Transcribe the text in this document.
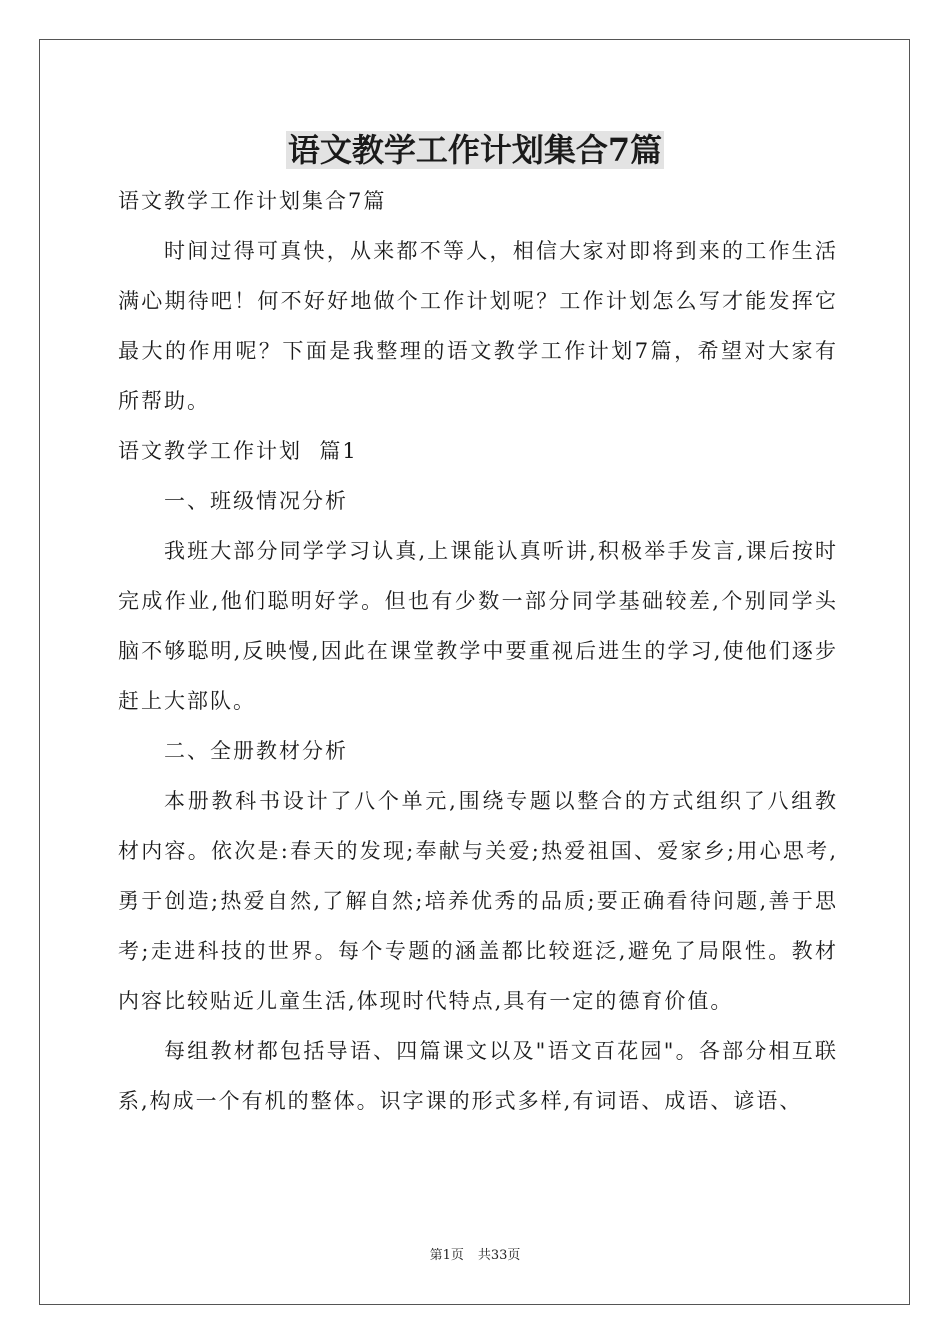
语文教学工作计划集合7篇

语文教学工作计划集合7篇

时间过得可真快，从来都不等人，相信大家对即将到来的工作生活满心期待吧！何不好好地做个工作计划呢？工作计划怎么写才能发挥它最大的作用呢？下面是我整理的语文教学工作计划7篇，希望对大家有所帮助。

语文教学工作计划  篇1

一、班级情况分析

我班大部分同学学习认真,上课能认真听讲,积极举手发言,课后按时完成作业,他们聪明好学。但也有少数一部分同学基础较差,个别同学头脑不够聪明,反映慢,因此在课堂教学中要重视后进生的学习,使他们逐步赶上大部队。

二、全册教材分析

本册教科书设计了八个单元,围绕专题以整合的方式组织了八组教材内容。依次是:春天的发现;奉献与关爱;热爱祖国、爱家乡;用心思考,勇于创造;热爱自然,了解自然;培养优秀的品质;要正确看待问题,善于思考;走进科技的世界。每个专题的涵盖都比较逛泛,避免了局限性。教材内容比较贴近儿童生活,体现时代特点,具有一定的德育价值。

每组教材都包括导语、四篇课文以及"语文百花园"。各部分相互联系,构成一个有机的整体。识字课的形式多样,有词语、成语、谚语、

第1页 共33页
